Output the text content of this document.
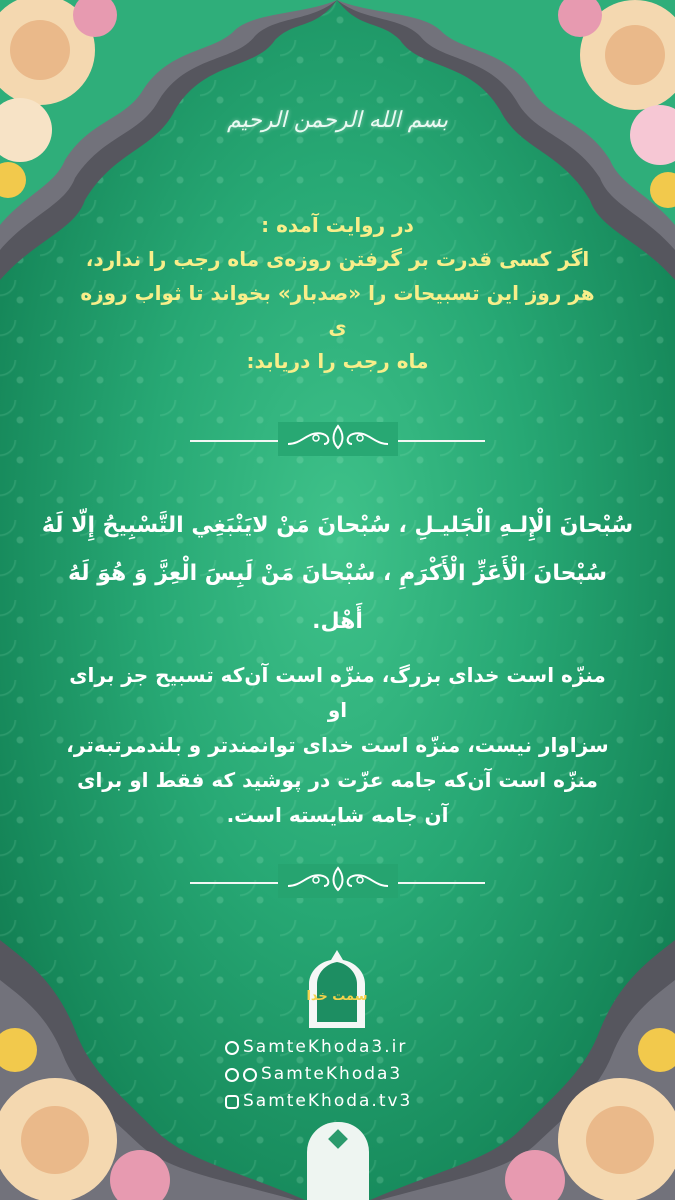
بسم الله الرحمن الرحیم
در روایت آمده :
اگر کسی قدرت بر گرفتن روزه‌ی ماه رجب را ندارد،
هر روز این تسبیحات را «صدبار» بخواند تا ثواب روزه ی
ماه رجب را دریابد:
سُبْحانَ الْإِلـهِ الْجَليـلِ ، سُبْحانَ مَنْ لايَنْبَغِي التَّسْبِيحُ إِلّا لَهُ
سُبْحانَ الْأَعَزِّ الْأَكْرَمِ ، سُبْحانَ مَنْ لَبِسَ الْعِزَّ وَ هُوَ لَهُ أَهْل.
منزّه است خدای بزرگ، منزّه است آن‌که تسبیح جز برای او
سزاوار نیست، منزّه است خدای توانمندتر و بلندمرتبه‌تر،
منزّه است آن‌که جامه عزّت در پوشید که فقط او برای
آن جامه شایسته است.
سمت خدا
SamteKhoda3.ir
SamteKhoda3
SamteKhoda.tv3
